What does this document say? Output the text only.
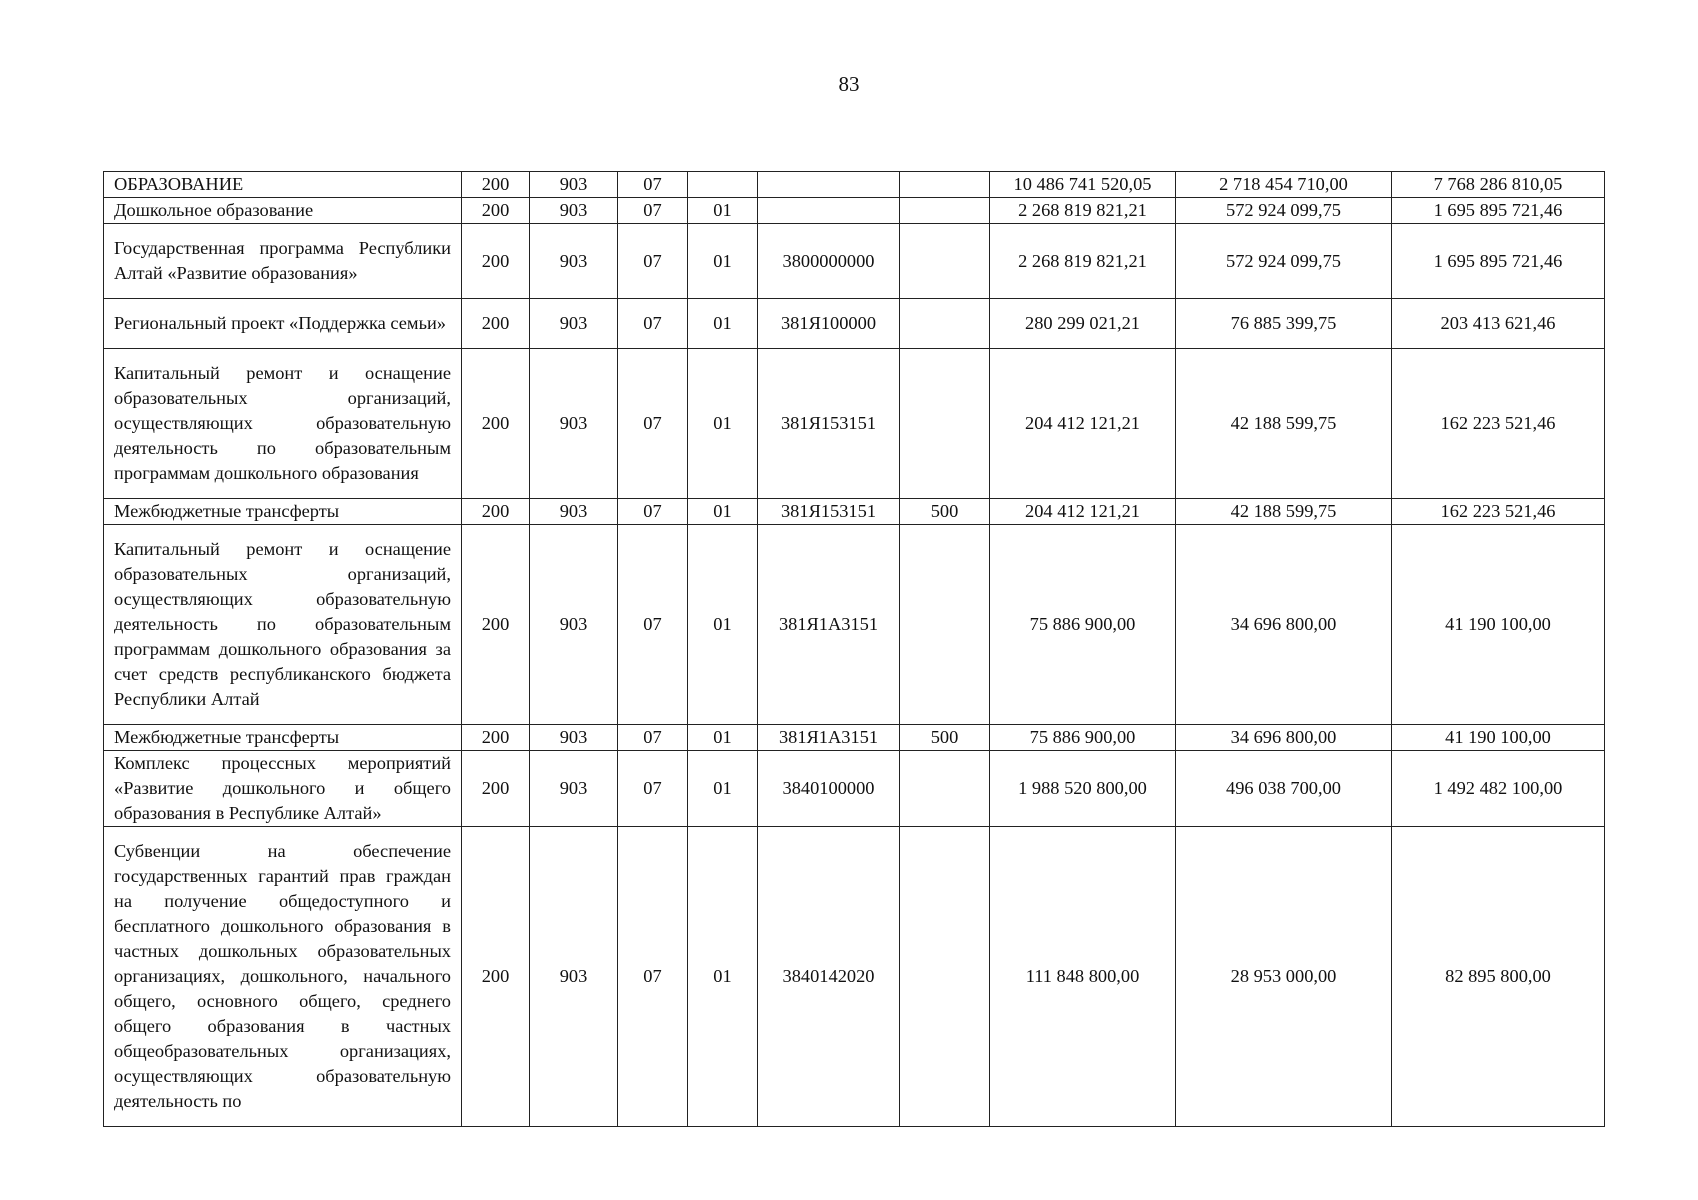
83
ОБРАЗОВАНИЕ	200	903	07				10 486 741 520,05	2 718 454 710,00	7 768 286 810,05
Дошкольное образование	200	903	07	01			2 268 819 821,21	572 924 099,75	1 695 895 721,46
Государственная программа Республики Алтай «Развитие образования»	200	903	07	01	3800000000		2 268 819 821,21	572 924 099,75	1 695 895 721,46
Региональный проект «Поддержка семьи»	200	903	07	01	381Я100000		280 299 021,21	76 885 399,75	203 413 621,46
Капитальный ремонт и оснащение образовательных организаций, осуществляющих образовательную деятельность по образовательным программам дошкольного образования	200	903	07	01	381Я153151		204 412 121,21	42 188 599,75	162 223 521,46
Межбюджетные трансферты	200	903	07	01	381Я153151	500	204 412 121,21	42 188 599,75	162 223 521,46
Капитальный ремонт и оснащение образовательных организаций, осуществляющих образовательную деятельность по образовательным программам дошкольного образования за счет средств республиканского бюджета Республики Алтай	200	903	07	01	381Я1А3151		75 886 900,00	34 696 800,00	41 190 100,00
Межбюджетные трансферты	200	903	07	01	381Я1А3151	500	75 886 900,00	34 696 800,00	41 190 100,00
Комплекс процессных мероприятий «Развитие дошкольного и общего образования в Республике Алтай»	200	903	07	01	3840100000		1 988 520 800,00	496 038 700,00	1 492 482 100,00
Субвенции на обеспечение государственных гарантий прав граждан на получение общедоступного и бесплатного дошкольного образования в частных дошкольных образовательных организациях, дошкольного, начального общего, основного общего, среднего общего образования в частных общеобразовательных организациях, осуществляющих образовательную деятельность по	200	903	07	01	3840142020		111 848 800,00	28 953 000,00	82 895 800,00
